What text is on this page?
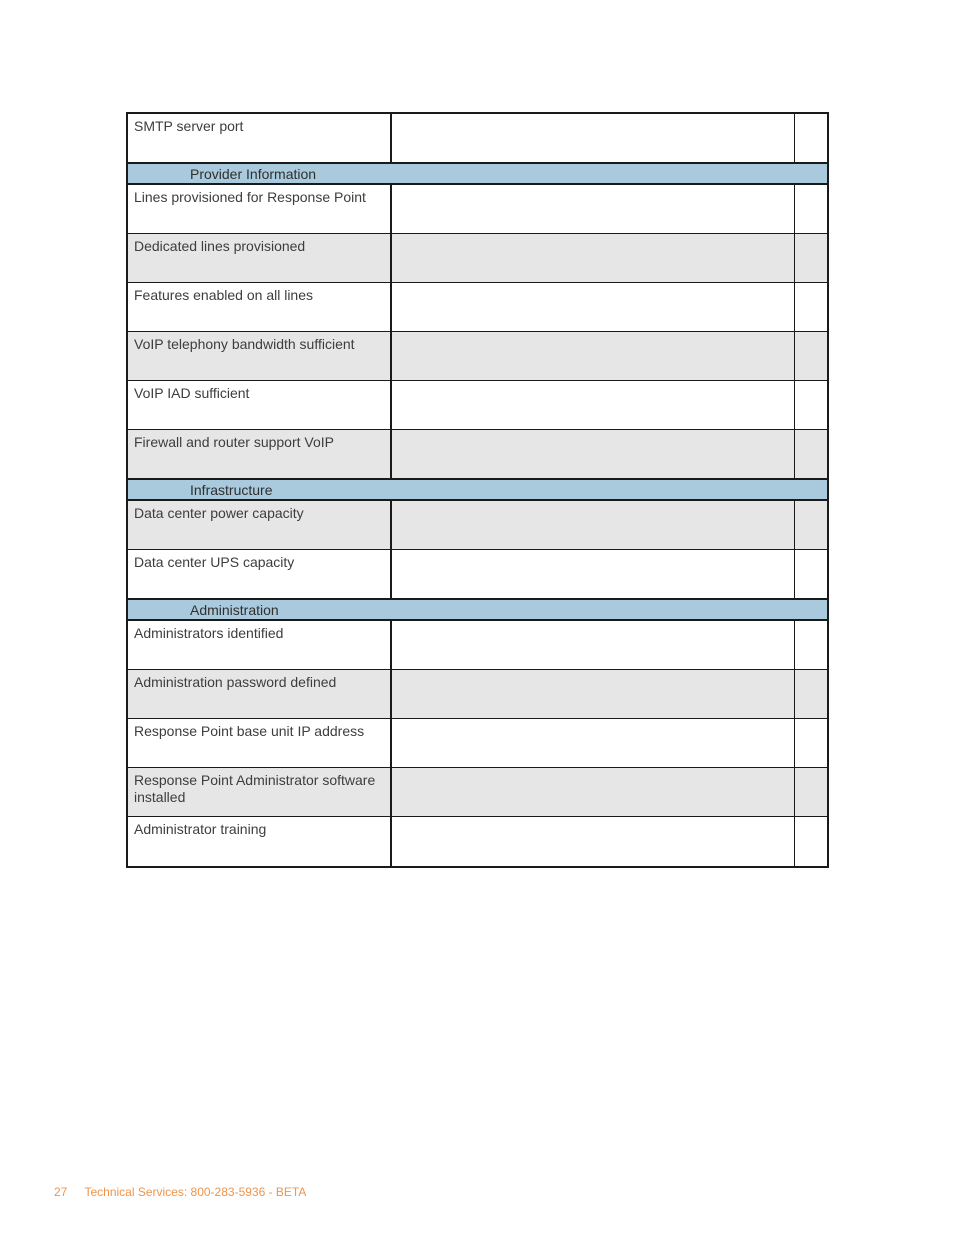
SMTP server port
Provider Information
Lines provisioned for Response Point
Dedicated lines provisioned
Features enabled on all lines
VoIP telephony bandwidth sufficient
VoIP IAD sufficient
Firewall and router support VoIP
Infrastructure
Data center power capacity
Data center UPS capacity
Administration
Administrators identified
Administration password defined
Response Point base unit IP address
Response Point Administrator software installed
Administrator training
27 Technical Services: 800-283-5936 - BETA
